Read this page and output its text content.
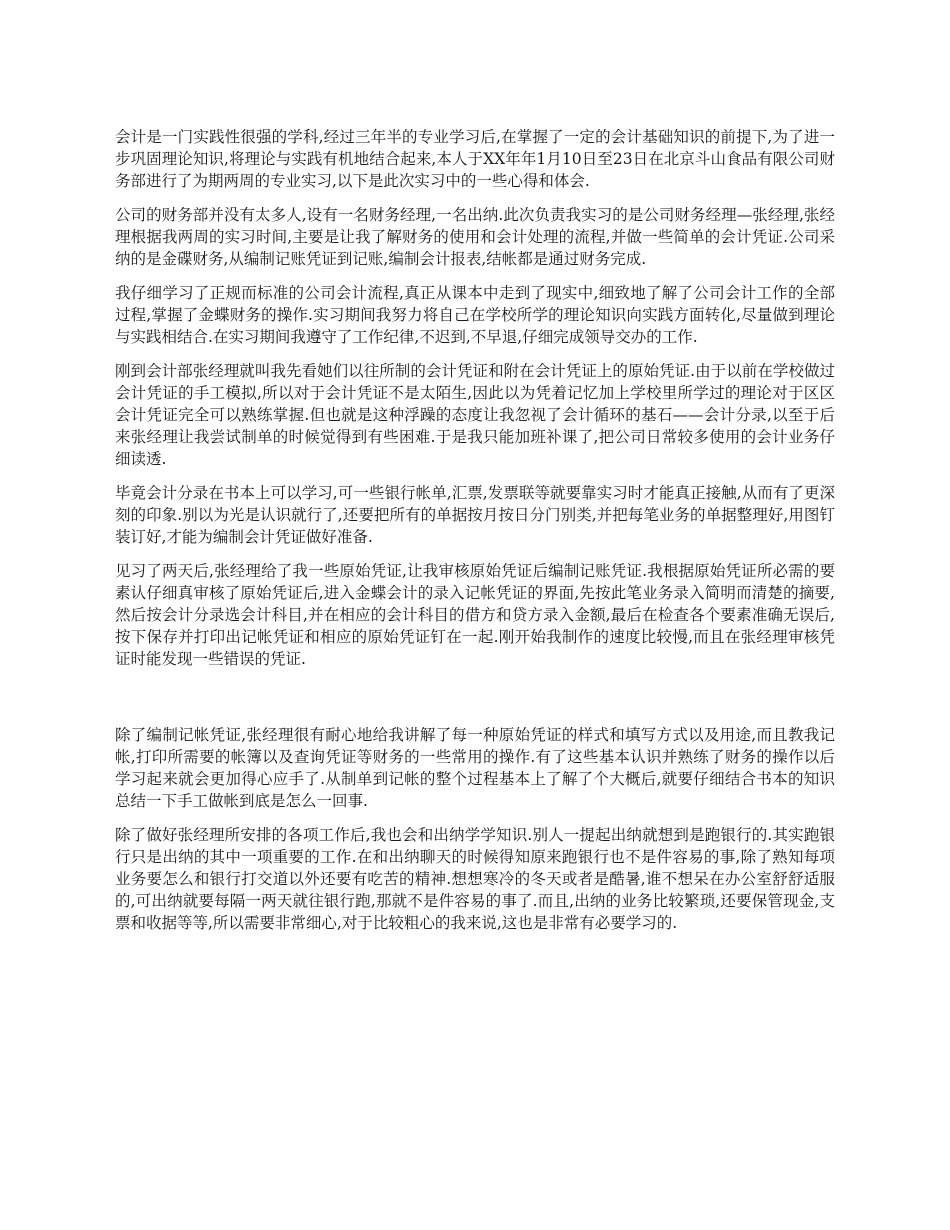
会计是一门实践性很强的学科,经过三年半的专业学习后,在掌握了一定的会计基础知识的前提下,为了进一步巩固理论知识,将理论与实践有机地结合起来,本人于XX年年1月10日至23日在北京斗山食品有限公司财务部进行了为期两周的专业实习,以下是此次实习中的一些心得和体会.

公司的财务部并没有太多人,设有一名财务经理,一名出纳.此次负责我实习的是公司财务经理—张经理,张经理根据我两周的实习时间,主要是让我了解财务的使用和会计处理的流程,并做一些简单的会计凭证.公司采纳的是金碟财务,从编制记账凭证到记账,编制会计报表,结帐都是通过财务完成.

我仔细学习了正规而标准的公司会计流程,真正从课本中走到了现实中,细致地了解了公司会计工作的全部过程,掌握了金蝶财务的操作.实习期间我努力将自己在学校所学的理论知识向实践方面转化,尽量做到理论与实践相结合.在实习期间我遵守了工作纪律,不迟到,不早退,仔细完成领导交办的工作.

刚到会计部张经理就叫我先看她们以往所制的会计凭证和附在会计凭证上的原始凭证.由于以前在学校做过会计凭证的手工模拟,所以对于会计凭证不是太陌生,因此以为凭着记忆加上学校里所学过的理论对于区区会计凭证完全可以熟练掌握.但也就是这种浮躁的态度让我忽视了会计循环的基石——会计分录,以至于后来张经理让我尝试制单的时候觉得到有些困难.于是我只能加班补课了,把公司日常较多使用的会计业务仔细读透.

毕竟会计分录在书本上可以学习,可一些银行帐单,汇票,发票联等就要靠实习时才能真正接触,从而有了更深刻的印象.别以为光是认识就行了,还要把所有的单据按月按日分门别类,并把每笔业务的单据整理好,用图钉装订好,才能为编制会计凭证做好准备.

见习了两天后,张经理给了我一些原始凭证,让我审核原始凭证后编制记账凭证.我根据原始凭证所必需的要素认仔细真审核了原始凭证后,进入金蝶会计的录入记帐凭证的界面,先按此笔业务录入简明而清楚的摘要,然后按会计分录选会计科目,并在相应的会计科目的借方和贷方录入金额,最后在检查各个要素准确无误后,按下保存并打印出记帐凭证和相应的原始凭证钉在一起.刚开始我制作的速度比较慢,而且在张经理审核凭证时能发现一些错误的凭证.

除了编制记帐凭证,张经理很有耐心地给我讲解了每一种原始凭证的样式和填写方式以及用途,而且教我记帐,打印所需要的帐簿以及查询凭证等财务的一些常用的操作.有了这些基本认识并熟练了财务的操作以后学习起来就会更加得心应手了.从制单到记帐的整个过程基本上了解了个大概后,就要仔细结合书本的知识总结一下手工做帐到底是怎么一回事.

除了做好张经理所安排的各项工作后,我也会和出纳学学知识.别人一提起出纳就想到是跑银行的.其实跑银行只是出纳的其中一项重要的工作.在和出纳聊天的时候得知原来跑银行也不是件容易的事,除了熟知每项业务要怎么和银行打交道以外还要有吃苦的精神.想想寒冷的冬天或者是酷暑,谁不想呆在办公室舒舒适服的,可出纳就要每隔一两天就往银行跑,那就不是件容易的事了.而且,出纳的业务比较繁琐,还要保管现金,支票和收据等等,所以需要非常细心,对于比较粗心的我来说,这也是非常有必要学习的.
